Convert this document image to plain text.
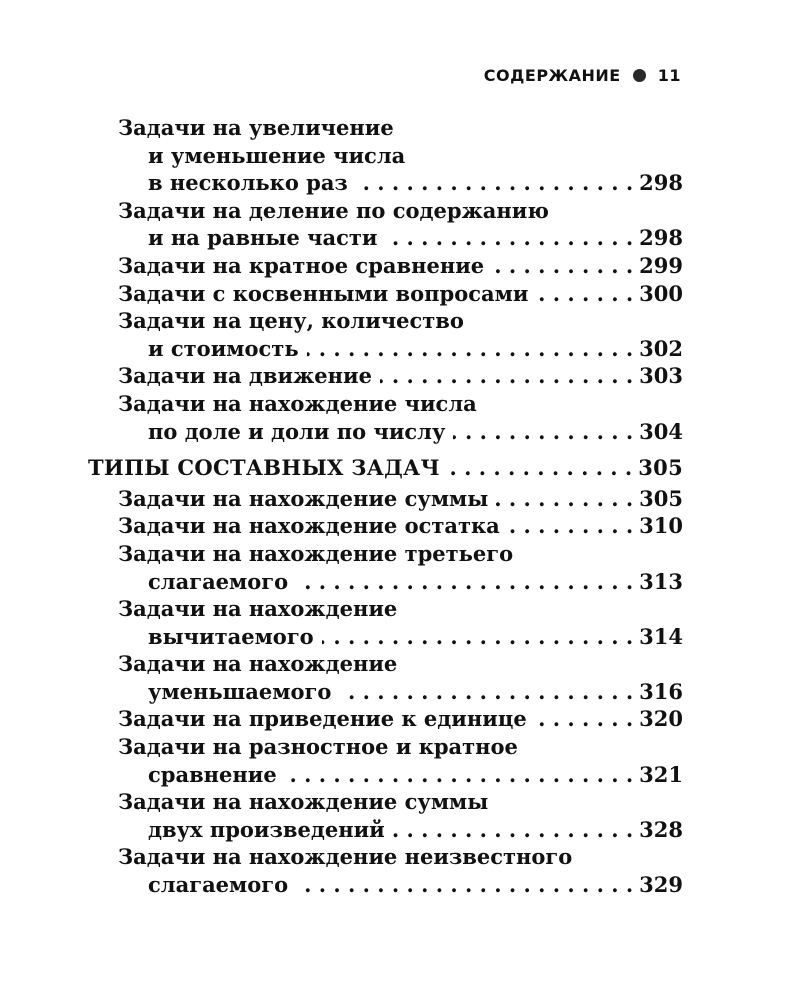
СОДЕРЖАНИЕ 11
Задачи на увеличение
и уменьшение числа
в несколько раз . . .	298
Задачи на деление по содержанию
и на равные части . . .	298
Задачи на кратное сравнение . . .	299
Задачи с косвенными вопросами . . .	300
Задачи на цену, количество
и стоимость . . .	302
Задачи на движение . . .	303
Задачи на нахождение числа
по доле и доли по числу . . .	304
ТИПЫ СОСТАВНЫХ ЗАДАЧ . . .	305
Задачи на нахождение суммы . . .	305
Задачи на нахождение остатка . . .	310
Задачи на нахождение третьего
слагаемого . . .	313
Задачи на нахождение
вычитаемого . . .	314
Задачи на нахождение
уменьшаемого . . .	316
Задачи на приведение к единице . . .	320
Задачи на разностное и кратное
сравнение . . .	321
Задачи на нахождение суммы
двух произведений . . .	328
Задачи на нахождение неизвестного
слагаемого . . .	329
